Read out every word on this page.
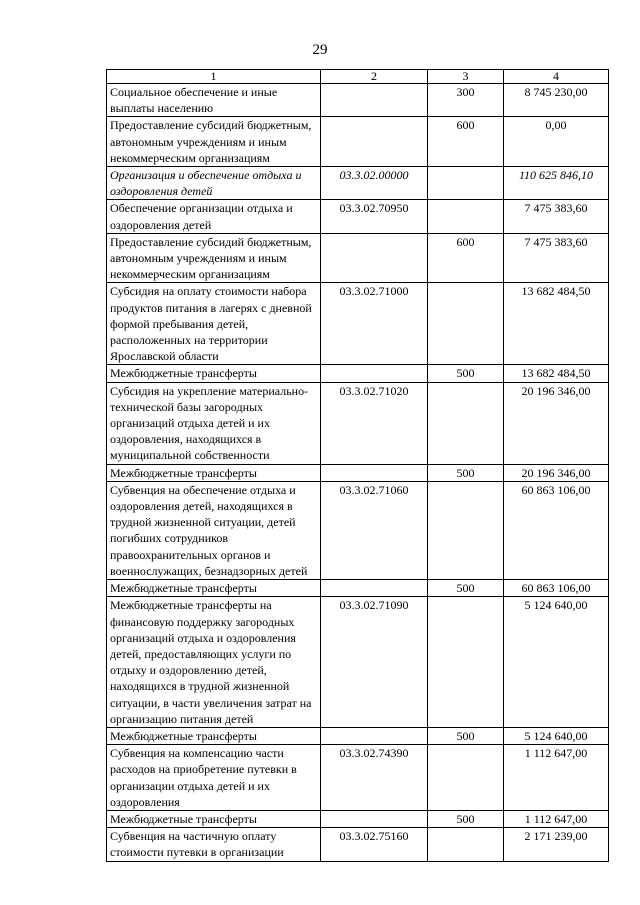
29
1	2	3	4
Социальное обеспечение и иные выплаты населению		300	8 745 230,00
Предоставление субсидий бюджетным, автономным учреждениям и иным некоммерческим организациям		600	0,00
Организация и обеспечение отдыха и оздоровления детей	03.3.02.00000		110 625 846,10
Обеспечение организации отдыха и оздоровления детей	03.3.02.70950		7 475 383,60
Предоставление субсидий бюджетным, автономным учреждениям и иным некоммерческим организациям		600	7 475 383,60
Субсидия на оплату стоимости набора продуктов питания в лагерях с дневной формой пребывания детей, расположенных на территории Ярославской области	03.3.02.71000		13 682 484,50
Межбюджетные трансферты		500	13 682 484,50
Субсидия на укрепление материально-технической базы загородных организаций отдыха детей и их оздоровления, находящихся в муниципальной собственности	03.3.02.71020		20 196 346,00
Межбюджетные трансферты		500	20 196 346,00
Субвенция на обеспечение отдыха и оздоровления детей, находящихся в трудной жизненной ситуации, детей погибших сотрудников правоохранительных органов и военнослужащих, безнадзорных детей	03.3.02.71060		60 863 106,00
Межбюджетные трансферты		500	60 863 106,00
Межбюджетные трансферты на финансовую поддержку загородных организаций отдыха и оздоровления детей, предоставляющих услуги по отдыху и оздоровлению детей, находящихся в трудной жизненной ситуации, в части увеличения затрат на организацию питания детей	03.3.02.71090		5 124 640,00
Межбюджетные трансферты		500	5 124 640,00
Субвенция на компенсацию части расходов на приобретение путевки в организации отдыха детей и их оздоровления	03.3.02.74390		1 112 647,00
Межбюджетные трансферты		500	1 112 647,00
Субвенция на частичную оплату стоимости путевки в организации	03.3.02.75160		2 171 239,00
